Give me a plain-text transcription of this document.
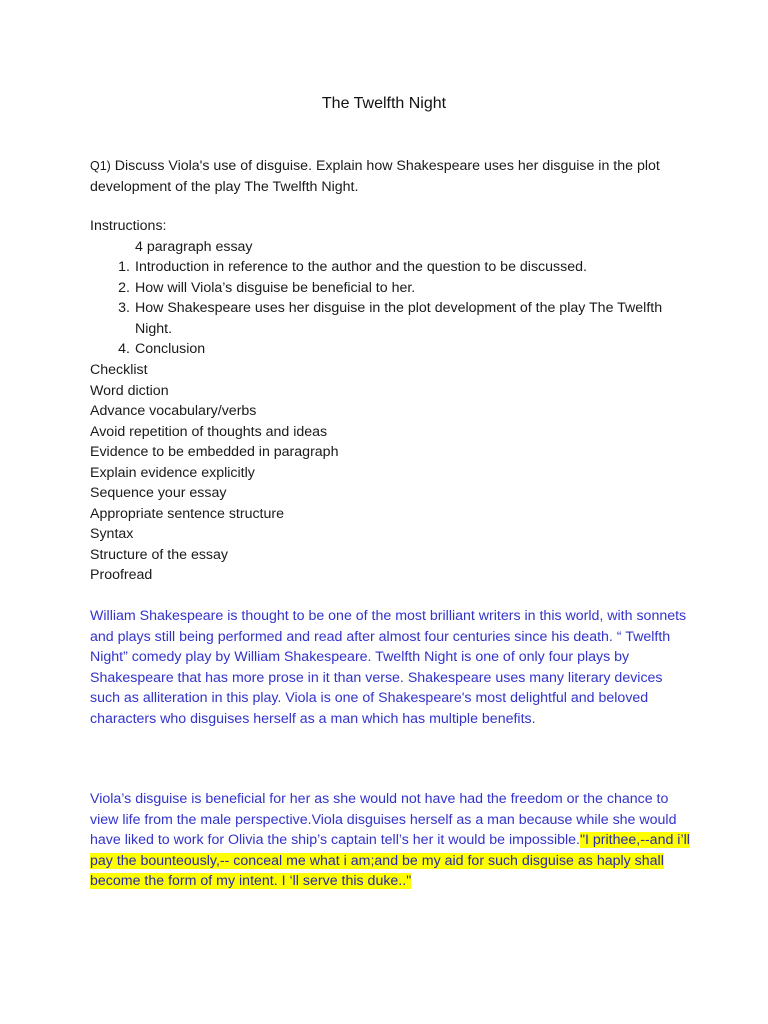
The Twelfth Night
Q1) Discuss Viola's use of disguise. Explain how Shakespeare uses her disguise in the plot development of the play The Twelfth Night.
Instructions:
4 paragraph essay
1. Introduction in reference to the author and the question to be discussed.
2. How will Viola’s disguise be beneficial to her.
3. How Shakespeare uses her disguise in the plot development of the play The Twelfth Night.
4. Conclusion
Checklist
Word diction
Advance vocabulary/verbs
Avoid repetition of thoughts and ideas
Evidence to be embedded in paragraph
Explain evidence explicitly
Sequence your essay
Appropriate sentence structure
Syntax
Structure of the essay
Proofread
William Shakespeare is thought to be one of the most brilliant writers in this world, with sonnets and plays still being performed and read after almost four centuries since his death. “ Twelfth Night” comedy play by William Shakespeare. Twelfth Night is one of only four plays by Shakespeare that has more prose in it than verse. Shakespeare uses many literary devices such as alliteration in this play. Viola is one of Shakespeare's most delightful and beloved characters who disguises herself as a man which has multiple benefits.
Viola’s disguise is beneficial for her as she would not have had the freedom or the chance to view life from the male perspective.Viola disguises herself as a man because while she would have liked to work for Olivia the ship’s captain tell’s her it would be impossible."I prithee,--and i’ll pay the bounteously,-- conceal me what i am;and be my aid for such disguise as haply shall become the form of my intent. I ‘ll serve this duke.."
